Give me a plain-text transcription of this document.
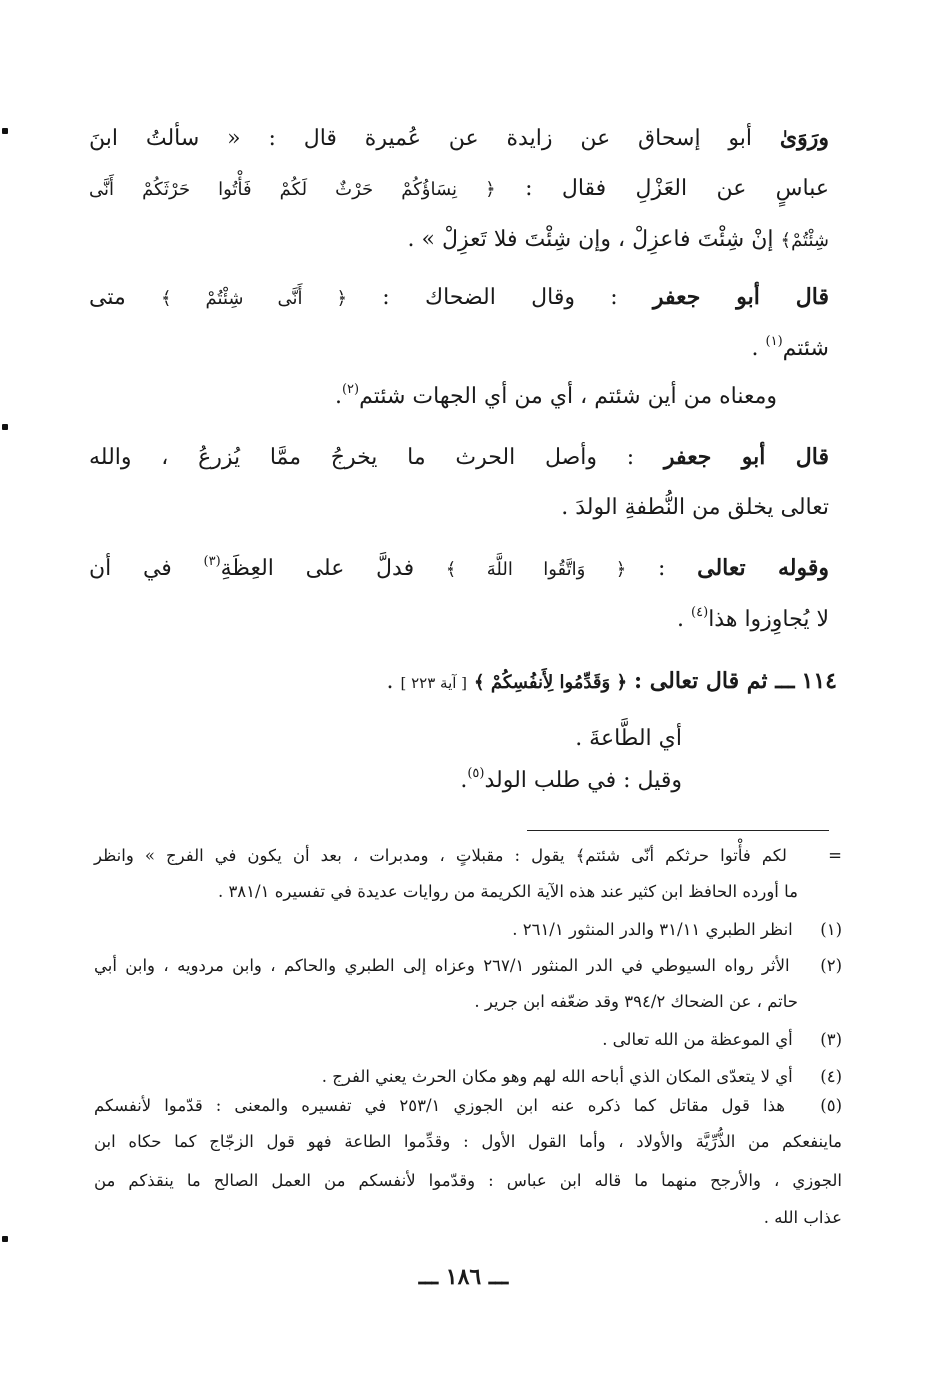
ورَوَىٰ أبو إسحاق عن زايدة عن عُميرة قال : « سألتُ ابنَ
عباسٍ عن العَزْلِ فقال : ﴿ نِسَاؤُكُمْ حَرْثٌ لَكُمْ فَأْتُوا حَرْثَكُمْ أَنَّى
شِئْتُمْ﴾ إنْ شِئْتَ فاعزِلْ ، وإن شِئْتَ فلا تَعزِلْ » .
قال أبو جعفر : وقال الضحاك : ﴿ أَنَّى شِئْتُمْ ﴾ متى
شئتم$^{(١)}$ .
ومعناه من أين شئتم ، أي من أي الجهات شئتم$^{(٢)}$.
قال أبو جعفر : وأصل الحرث ما يخرجُ ممَّا يُزرعُ ، والله
تعالى يخلق من النُّطفةِ الولدَ .
وقوله تعالى : ﴿ وَاتَّقُوا اللَّهَ ﴾ فدلَّ على العِظَةِ$^{(٣)}$ في أن
لا يُجاوِزوا هذا$^{(٤)}$ .
١١٤ ـــ ثم قال تعالى : ﴿ وَقَدِّمُوا لِأَنفُسِكُمْ ﴾ [ آية ٢٢٣ ] .
أي الطَّاعةَ .
وقيل : في طلب الولد$^{(٥)}$.
= لكم فأْتوا حرثكم أنّى شئتم﴾ يقول : مقبلاتٍ ، ومدبرات ، بعد أن يكون في الفرج » وانظر
ما أورده الحافظ ابن كثير عند هذه الآية الكريمة من روايات عديدة في تفسيره ٣٨١/١ .
(١) انظر الطبري ٣١/١١ والدر المنثور ٢٦١/١ .
(٢) الأثر رواه السيوطي في الدر المنثور ٢٦٧/١ وعزاه إلى الطبري والحاكم ، وابن مردويه ، وابن أبي
حاتم ، عن الضحاك ٣٩٤/٢ وقد ضعّفه ابن جرير .
(٣) أي الموعظة من الله تعالى .
(٤) أي لا يتعدّى المكان الذي أباحه الله لهم وهو مكان الحرث يعني الفرج .
(٥) هذا قول مقاتل كما ذكره عنه ابن الجوزي ٢٥٣/١ في تفسيره والمعنى : قدّموا لأنفسكم
ماينفعكم من الذُّرِّيَّة والأولاد ، وأما القول الأول : وقدِّموا الطاعة فهو قول الزجّاج كما حكاه ابن
الجوزي ، والأرجح منهما ما قاله ابن عباس : وقدّموا لأنفسكم من العمل الصالح ما ينقذكم من
عذاب الله .
ـــ ١٨٦ ـــ
